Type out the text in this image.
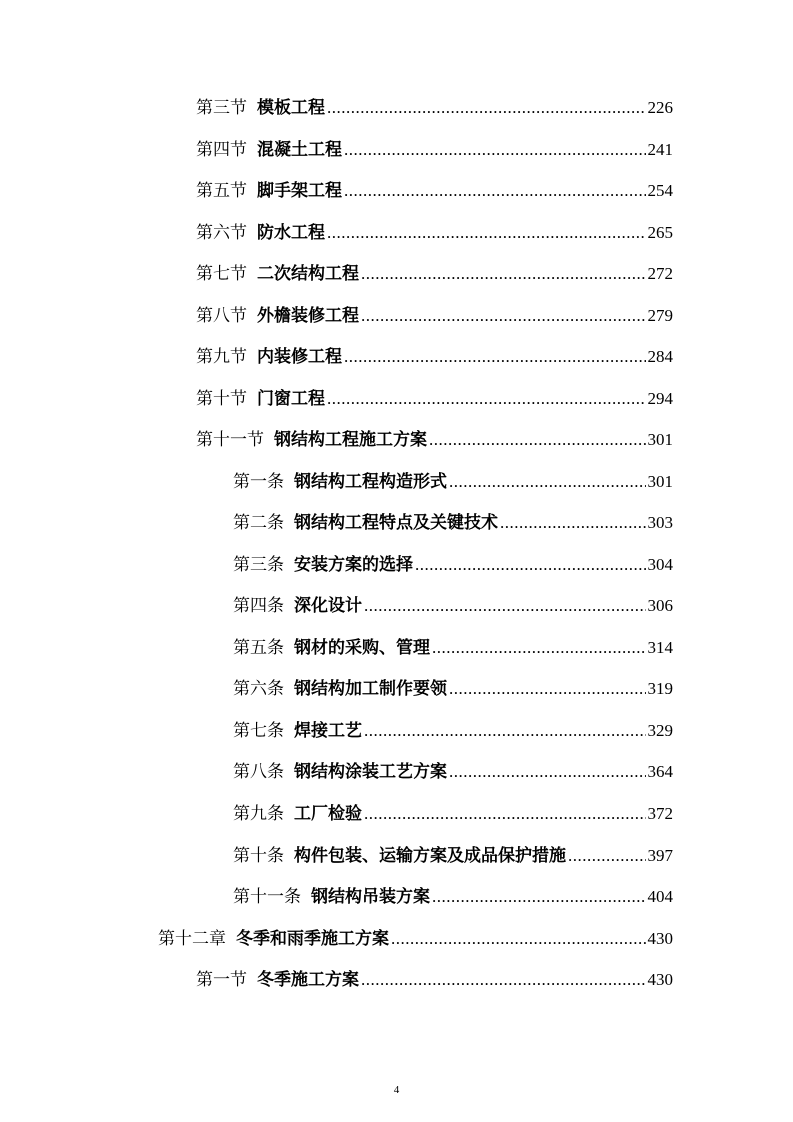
第三节 模板工程 .....	226
第四节 混凝土工程 .....	241
第五节 脚手架工程 .....	254
第六节 防水工程 .....	265
第七节 二次结构工程 .....	272
第八节 外檐装修工程 .....	279
第九节 内装修工程 .....	284
第十节 门窗工程 .....	294
第十一节 钢结构工程施工方案 .....	301
第一条 钢结构工程构造形式 .....	301
第二条 钢结构工程特点及关键技术 .....	303
第三条 安装方案的选择 .....	304
第四条 深化设计 .....	306
第五条 钢材的采购、管理 .....	314
第六条 钢结构加工制作要领 .....	319
第七条 焊接工艺 .....	329
第八条 钢结构涂装工艺方案 .....	364
第九条 工厂检验 .....	372
第十条 构件包装、运输方案及成品保护措施 .....	397
第十一条 钢结构吊装方案 .....	404
第十二章 冬季和雨季施工方案 .....	430
第一节 冬季施工方案 .....	430
4
